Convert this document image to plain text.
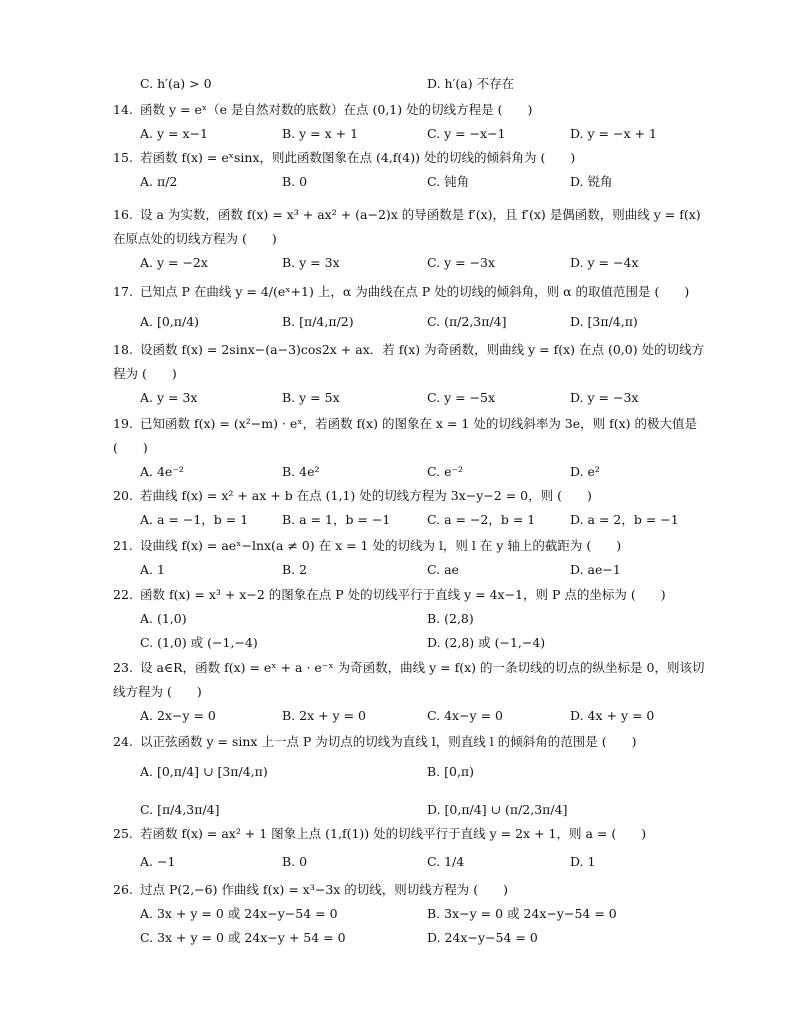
C. h′(a) > 0	D. h′(a) 不存在
14. 函数 y = eˣ（e 是自然对数的底数）在点 (0,1) 处的切线方程是 (　　)
A. y = x−1	B. y = x + 1	C. y = −x−1	D. y = −x + 1
15. 若函数 f(x) = eˣsinx，则此函数图象在点 (4,f(4)) 处的切线的倾斜角为 (　　)
A. π/2	B. 0	C. 钝角	D. 锐角
16. 设 a 为实数，函数 f(x) = x³ + ax² + (a−2)x 的导函数是 f′(x)，且 f′(x) 是偶函数，则曲线 y = f(x) 在原点处的切线方程为 (　　)
A. y = −2x	B. y = 3x	C. y = −3x	D. y = −4x
17. 已知点 P 在曲线 y = 4/(eˣ+1) 上，α 为曲线在点 P 处的切线的倾斜角，则 α 的取值范围是 (　　)
A. [0,π/4)	B. [π/4,π/2)	C. (π/2,3π/4]	D. [3π/4,π)
18. 设函数 f(x) = 2sinx−(a−3)cos2x + ax．若 f(x) 为奇函数，则曲线 y = f(x) 在点 (0,0) 处的切线方程为 (　　)
A. y = 3x	B. y = 5x	C. y = −5x	D. y = −3x
19. 已知函数 f(x) = (x²−m) · eˣ，若函数 f(x) 的图象在 x = 1 处的切线斜率为 3e，则 f(x) 的极大值是 (　　)
A. 4e⁻²	B. 4e²	C. e⁻²	D. e²
20. 若曲线 f(x) = x² + ax + b 在点 (1,1) 处的切线方程为 3x−y−2 = 0，则 (　　)
A. a = −1，b = 1	B. a = 1，b = −1	C. a = −2，b = 1	D. a = 2，b = −1
21. 设曲线 f(x) = aeˣ−lnx(a ≠ 0) 在 x = 1 处的切线为 l，则 l 在 y 轴上的截距为 (　　)
A. 1	B. 2	C. ae	D. ae−1
22. 函数 f(x) = x³ + x−2 的图象在点 P 处的切线平行于直线 y = 4x−1，则 P 点的坐标为 (　　)
A. (1,0)	B. (2,8)
C. (1,0) 或 (−1,−4)	D. (2,8) 或 (−1,−4)
23. 设 a∈R，函数 f(x) = eˣ + a · e⁻ˣ 为奇函数，曲线 y = f(x) 的一条切线的切点的纵坐标是 0，则该切线方程为 (　　)
A. 2x−y = 0	B. 2x + y = 0	C. 4x−y = 0	D. 4x + y = 0
24. 以正弦函数 y = sinx 上一点 P 为切点的切线为直线 l，则直线 l 的倾斜角的范围是 (　　)
A. [0,π/4] ∪ [3π/4,π)	B. [0,π)
C. [π/4,3π/4]	D. [0,π/4] ∪ (π/2,3π/4]
25. 若函数 f(x) = ax² + 1 图象上点 (1,f(1)) 处的切线平行于直线 y = 2x + 1，则 a = (　　)
A. −1	B. 0	C. 1/4	D. 1
26. 过点 P(2,−6) 作曲线 f(x) = x³−3x 的切线，则切线方程为 (　　)
A. 3x + y = 0 或 24x−y−54 = 0	B. 3x−y = 0 或 24x−y−54 = 0
C. 3x + y = 0 或 24x−y + 54 = 0	D. 24x−y−54 = 0
